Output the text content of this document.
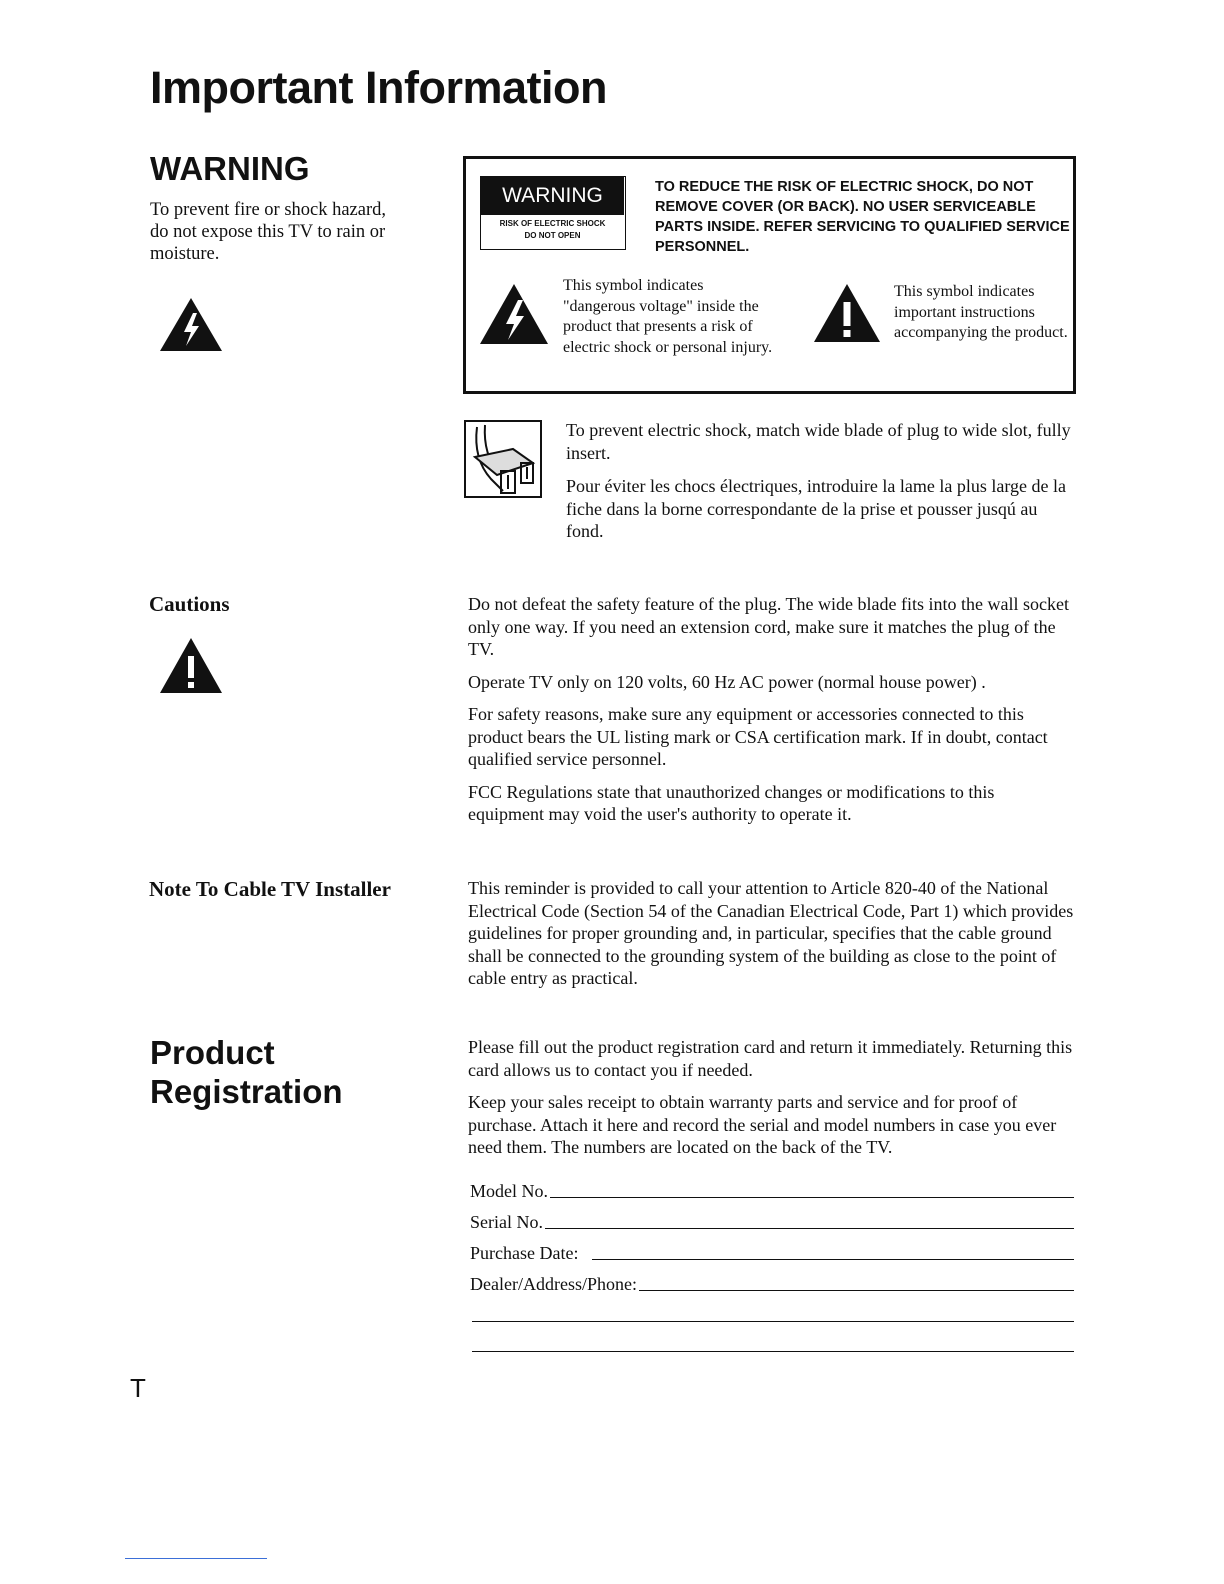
Important Information
WARNING
To prevent fire or shock hazard, do not expose this TV to rain or moisture.
WARNING
RISK OF ELECTRIC SHOCK
DO NOT OPEN
TO REDUCE THE RISK OF ELECTRIC SHOCK, DO NOT REMOVE COVER (OR BACK). NO USER SERVICEABLE PARTS INSIDE. REFER SERVICING TO QUALIFIED SERVICE PERSONNEL.
This symbol indicates "dangerous voltage" inside the product that presents a risk of electric shock or personal injury.
This symbol indicates important instructions accompanying the product.
To prevent electric shock, match wide blade of plug to wide slot, fully insert.
Pour éviter les chocs électriques, introduire la lame la plus large de la fiche dans la borne correspondante de la prise et pousser jusqú au fond.
Cautions	Do not defeat the safety feature of the plug. The wide blade fits into the wall socket only one way. If you need an extension cord, make sure it matches the plug of the TV.

Operate TV only on 120 volts, 60 Hz AC power (normal house power) .

For safety reasons, make sure any equipment or accessories connected to this product bears the UL listing mark or CSA certification mark. If in doubt, contact qualified service personnel.

FCC Regulations state that unauthorized changes or modifications to this equipment may void the user's authority to operate it.

Note To Cable TV Installer	This reminder is provided to call your attention to Article 820-40 of the National Electrical Code (Section 54 of the Canadian Electrical Code, Part 1) which provides guidelines for proper grounding and, in particular, specifies that the cable ground shall be connected to the grounding system of the building as close to the point of cable entry as practical.
Product
Registration

Please fill out the product registration card and return it immediately. Returning this card allows us to contact you if needed.

Keep your sales receipt to obtain warranty parts and service and for proof of purchase. Attach it here and record the serial and model numbers in case you ever need them. The numbers are located on the back of the TV.

Model No.
Serial No.
Purchase Date:
Dealer/Address/Phone:
T
